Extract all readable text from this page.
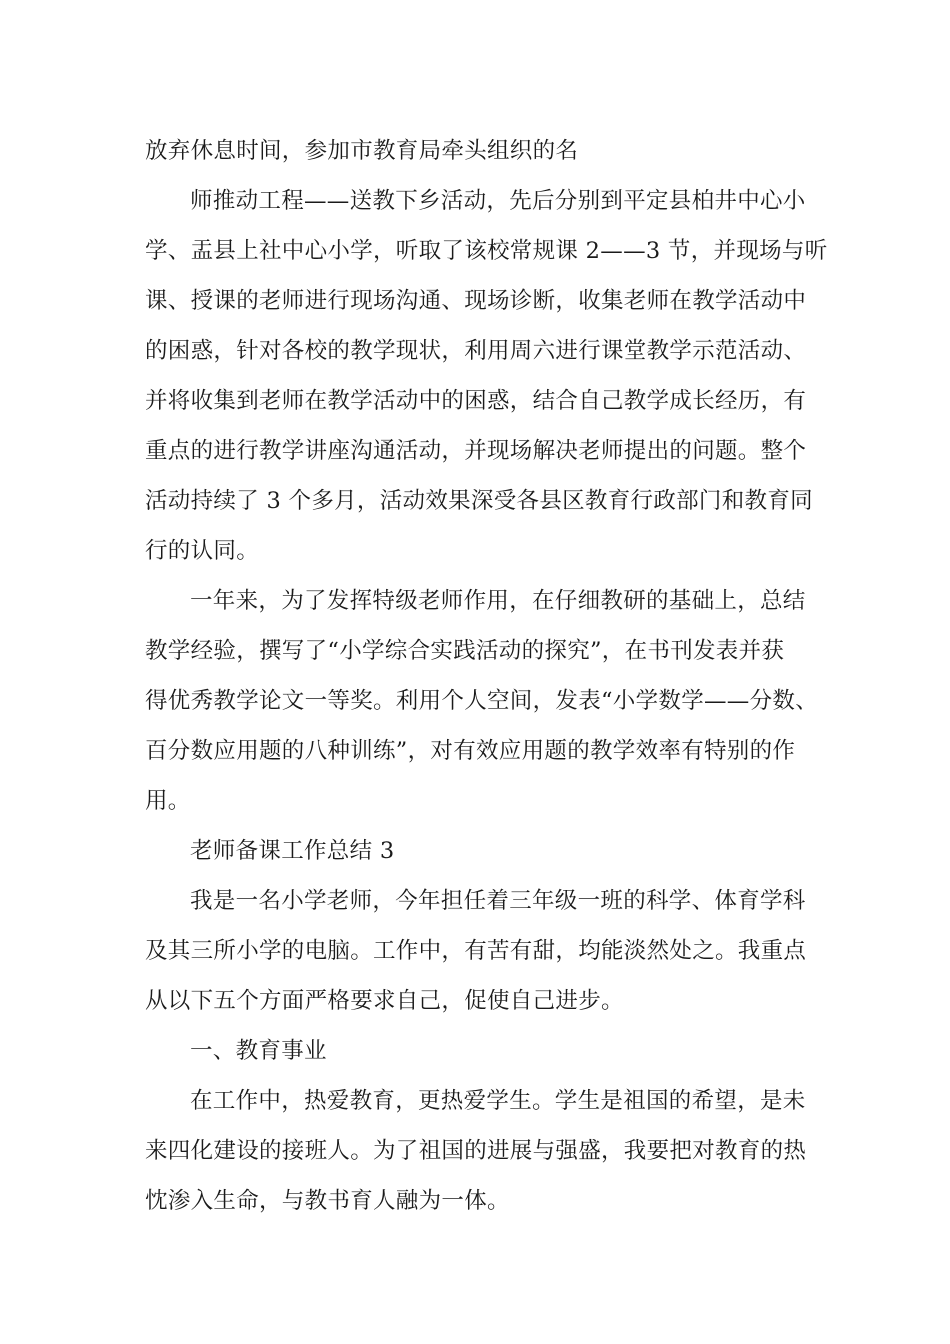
放弃休息时间，参加市教育局牵头组织的名
师推动工程——送教下乡活动，先后分别到平定县柏井中心小
学、盂县上社中心小学，听取了该校常规课 2——3 节，并现场与听
课、授课的老师进行现场沟通、现场诊断，收集老师在教学活动中
的困惑，针对各校的教学现状，利用周六进行课堂教学示范活动、
并将收集到老师在教学活动中的困惑，结合自己教学成长经历，有
重点的进行教学讲座沟通活动，并现场解决老师提出的问题。整个
活动持续了 3 个多月，活动效果深受各县区教育行政部门和教育同
行的认同。
一年来，为了发挥特级老师作用，在仔细教研的基础上，总结
教学经验，撰写了“小学综合实践活动的探究”，在书刊发表并获
得优秀教学论文一等奖。利用个人空间，发表“小学数学——分数、
百分数应用题的八种训练”，对有效应用题的教学效率有特别的作
用。
老师备课工作总结 3
我是一名小学老师，今年担任着三年级一班的科学、体育学科
及其三所小学的电脑。工作中，有苦有甜，均能淡然处之。我重点
从以下五个方面严格要求自己，促使自己进步。
一、教育事业
在工作中，热爱教育，更热爱学生。学生是祖国的希望，是未
来四化建设的接班人。为了祖国的进展与强盛，我要把对教育的热
忱渗入生命，与教书育人融为一体。
